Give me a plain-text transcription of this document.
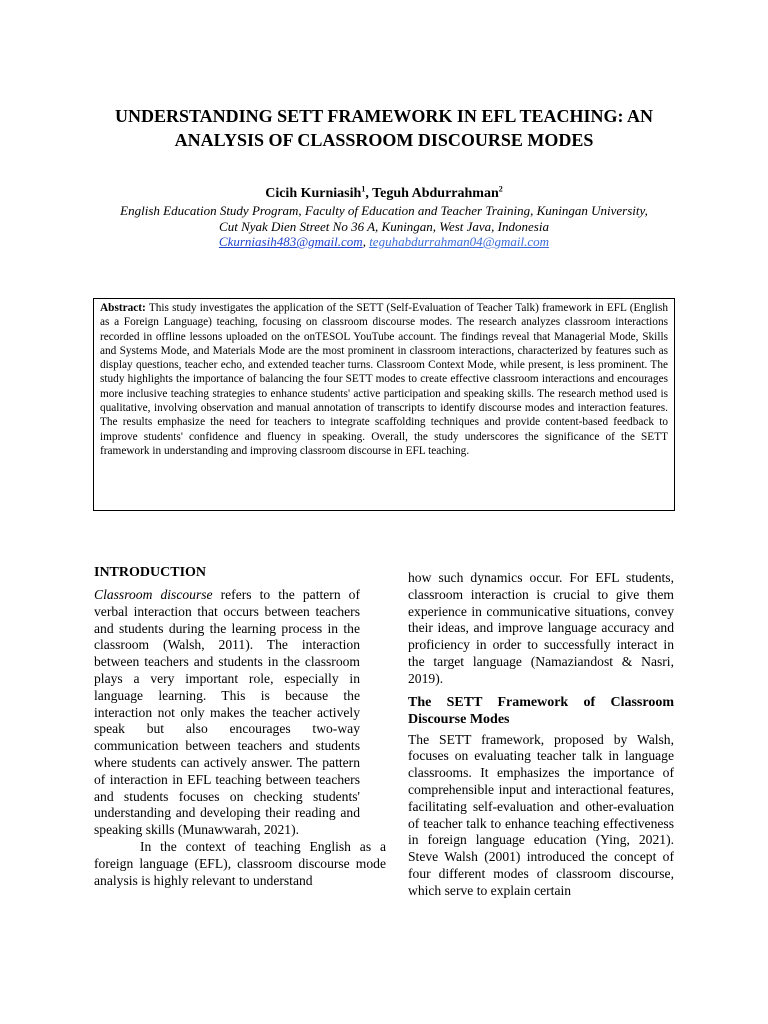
UNDERSTANDING SETT FRAMEWORK IN EFL TEACHING: AN ANALYSIS OF CLASSROOM DISCOURSE MODES
Cicih Kurniasih$^1$, Teguh Abdurrahman$^2$
English Education Study Program, Faculty of Education and Teacher Training, Kuningan University,
Cut Nyak Dien Street No 36 A, Kuningan, West Java, Indonesia
Ckurniasih483@gmail.com, teguhabdurrahman04@gmail.com
Abstract: This study investigates the application of the SETT (Self-Evaluation of Teacher Talk) framework in EFL (English as a Foreign Language) teaching, focusing on classroom discourse modes. The research analyzes classroom interactions recorded in offline lessons uploaded on the onTESOL YouTube account. The findings reveal that Managerial Mode, Skills and Systems Mode, and Materials Mode are the most prominent in classroom interactions, characterized by features such as display questions, teacher echo, and extended teacher turns. Classroom Context Mode, while present, is less prominent. The study highlights the importance of balancing the four SETT modes to create effective classroom interactions and encourages more inclusive teaching strategies to enhance students' active participation and speaking skills. The research method used is qualitative, involving observation and manual annotation of transcripts to identify discourse modes and interaction features. The results emphasize the need for teachers to integrate scaffolding techniques and provide content-based feedback to improve students' confidence and fluency in speaking. Overall, the study underscores the significance of the SETT framework in understanding and improving classroom discourse in EFL teaching.
INTRODUCTION

Classroom discourse refers to the pattern of verbal interaction that occurs between teachers and students during the learning process in the classroom (Walsh, 2011). The interaction between teachers and students in the classroom plays a very important role, especially in language learning. This is because the interaction not only makes the teacher actively speak but also encourages two-way communication between teachers and students where students can actively answer. The pattern of interaction in EFL teaching between teachers and students focuses on checking students' understanding and developing their reading and speaking skills (Munawwarah, 2021).

In the context of teaching English as a foreign language (EFL), classroom discourse mode analysis is highly relevant to understand

how such dynamics occur. For EFL students, classroom interaction is crucial to give them experience in communicative situations, convey their ideas, and improve language accuracy and proficiency in order to successfully interact in the target language (Namaziandost & Nasri, 2019).

The SETT Framework of Classroom Discourse Modes

The SETT framework, proposed by Walsh, focuses on evaluating teacher talk in language classrooms. It emphasizes the importance of comprehensible input and interactional features, facilitating self-evaluation and other-evaluation of teacher talk to enhance teaching effectiveness in foreign language education (Ying, 2021). Steve Walsh (2001) introduced the concept of four different modes of classroom discourse, which serve to explain certain
